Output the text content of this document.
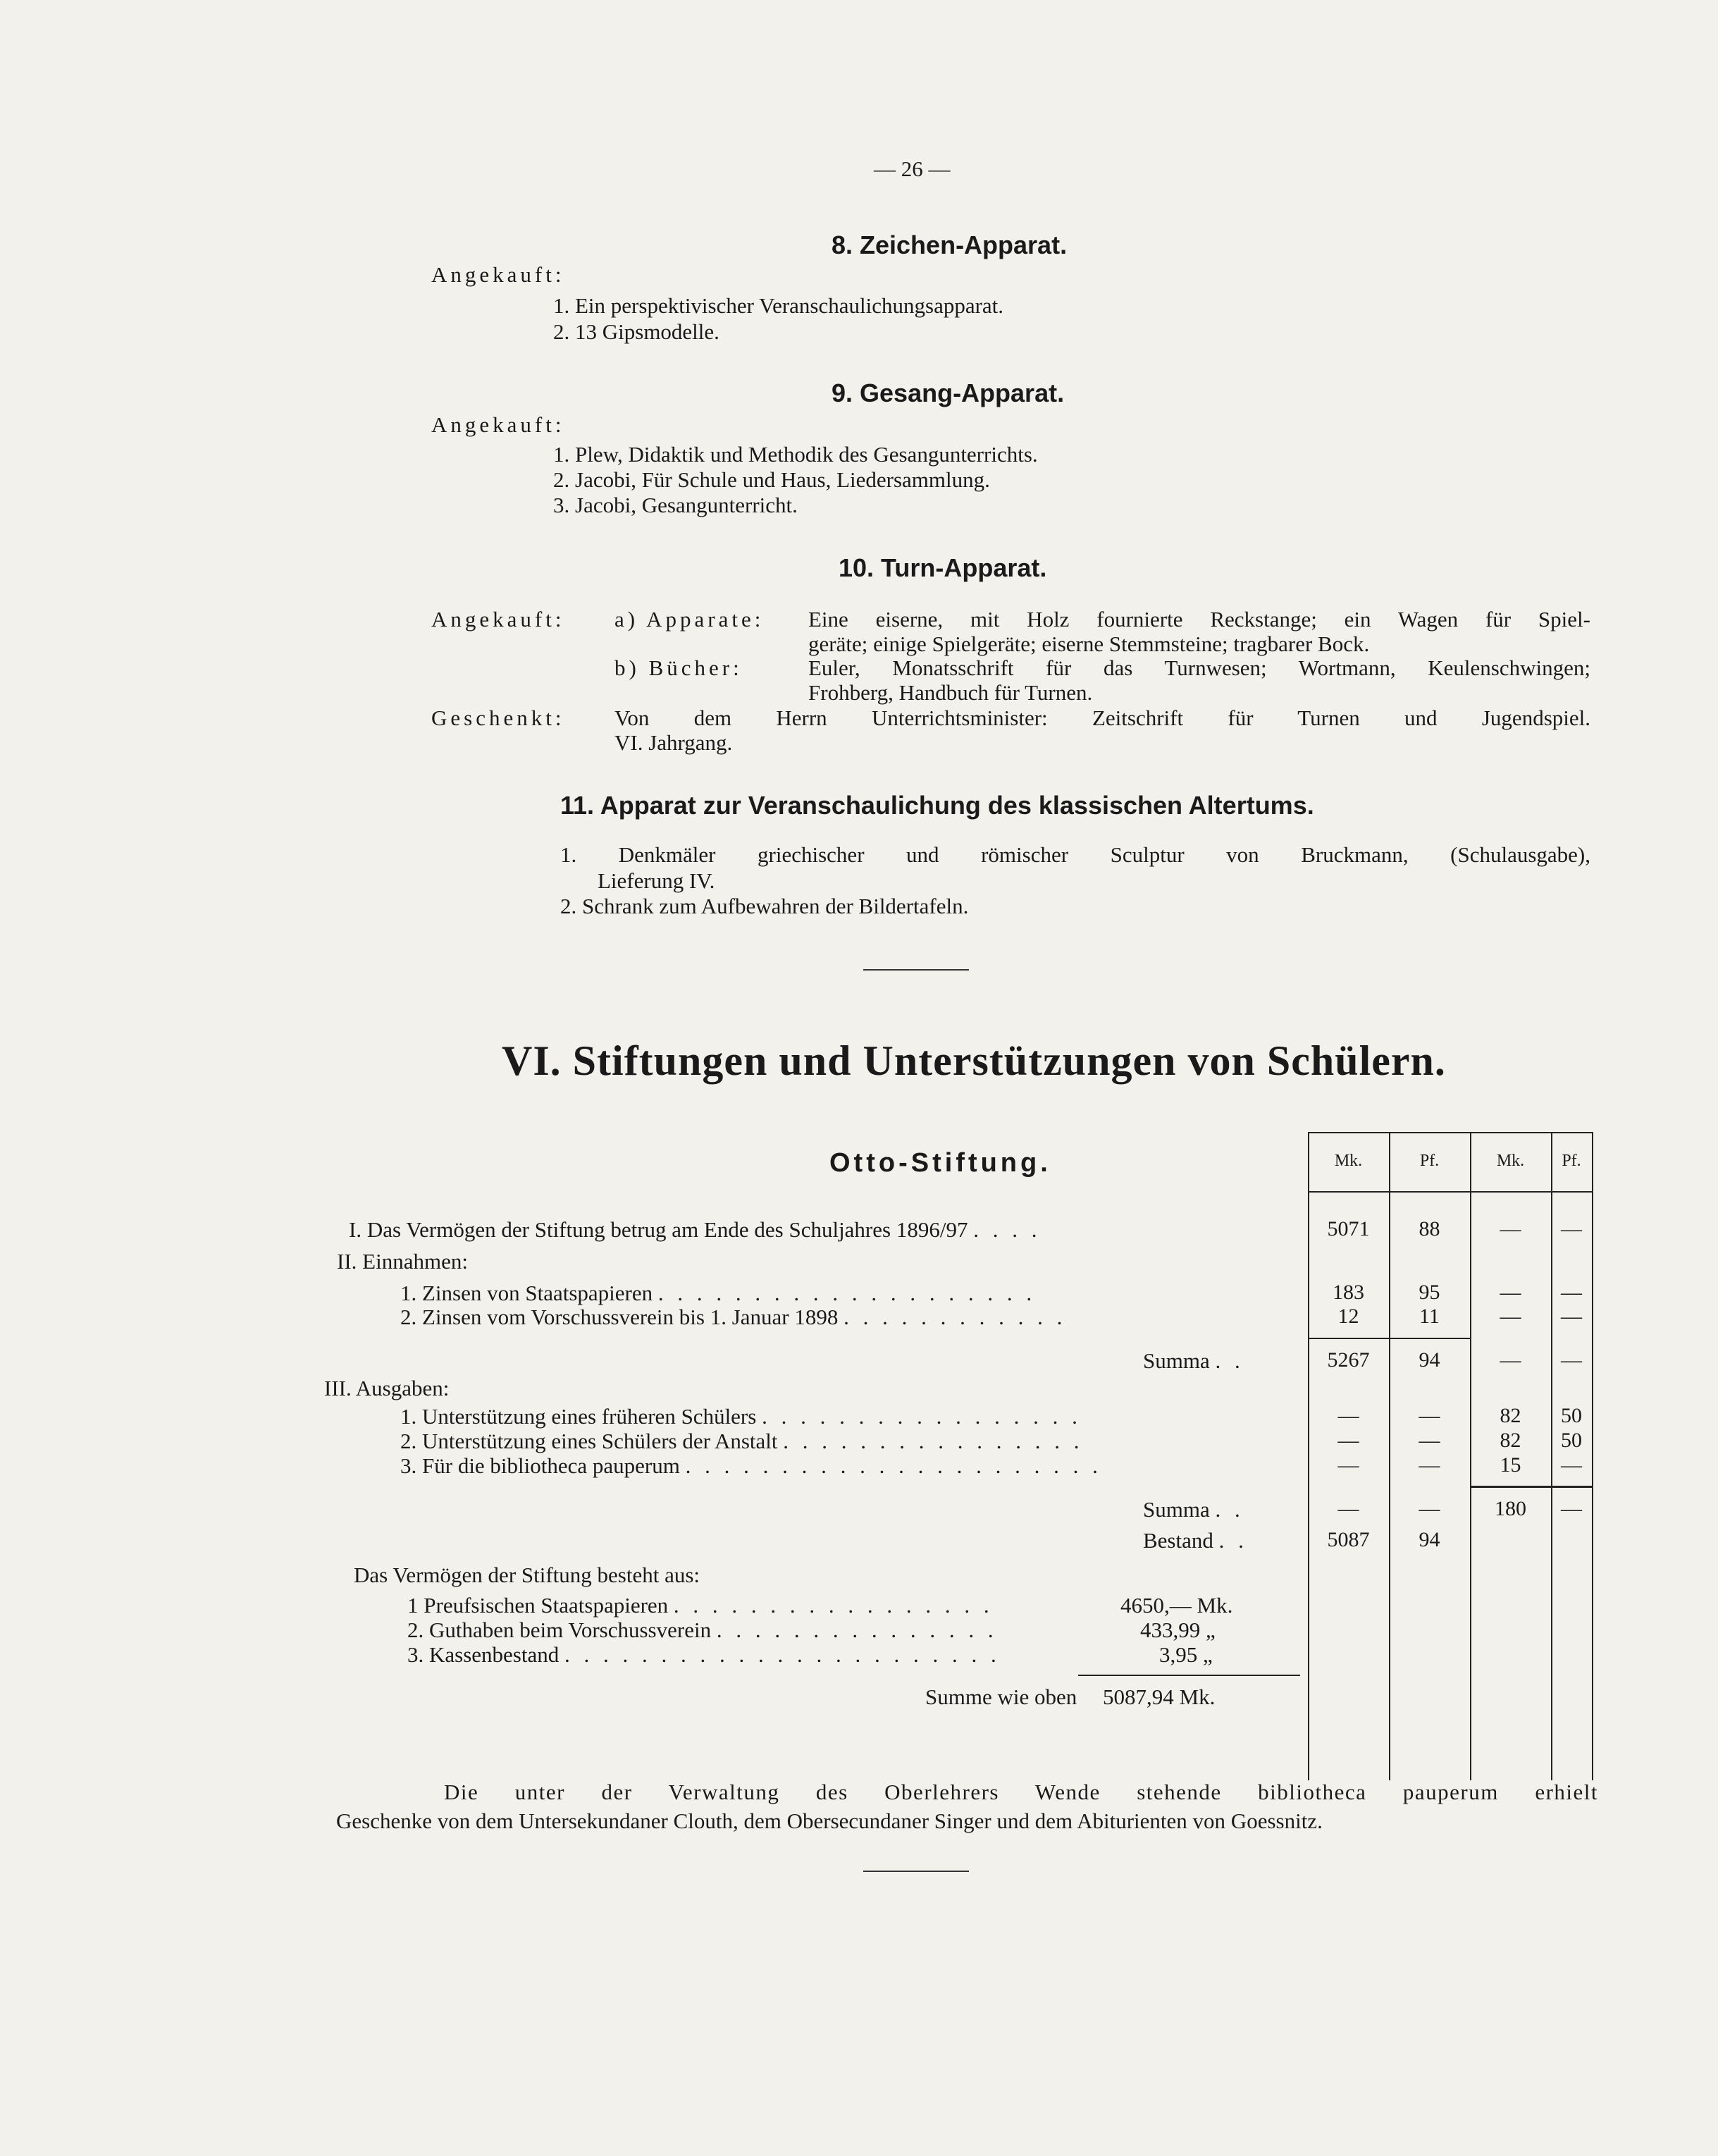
— 26 —
8. Zeichen-Apparat.
Angekauft:
1. Ein perspektivischer Veranschaulichungsapparat.
2. 13 Gipsmodelle.
9. Gesang-Apparat.
Angekauft:
1. Plew, Didaktik und Methodik des Gesangunterrichts.
2. Jacobi, Für Schule und Haus, Liedersammlung.
3. Jacobi, Gesangunterricht.
10. Turn-Apparat.
Angekauft: a) Apparate: Eine eiserne, mit Holz fournierte Reckstange; ein Wagen für Spiel-
geräte; einige Spielgeräte; eiserne Stemmsteine; tragbarer Bock.
b) Bücher:	Euler, Monatsschrift für das Turnwesen; Wortmann, Keulenschwingen;
Frohberg, Handbuch für Turnen.
Geschenkt: Von dem Herrn Unterrichtsminister: Zeitschrift für Turnen und Jugendspiel.
VI. Jahrgang.
11. Apparat zur Veranschaulichung des klassischen Altertums.
1. Denkmäler griechischer und römischer Sculptur von Bruckmann, (Schulausgabe),
Lieferung IV.
2. Schrank zum Aufbewahren der Bildertafeln.
VI. Stiftungen und Unterstützungen von Schülern.
Otto-Stiftung.	Mk.	Pf.	Mk.	Pf.
I. Das Vermögen der Stiftung betrug am Ende des Schuljahres 1896/97 . . . .	5071	88	—	—
II. Einnahmen:
1. Zinsen von Staatspapieren . . . . . . . . . . . . . . . . . . . .	183	95	—	—
2. Zinsen vom Vorschussverein bis 1. Januar 1898 . . . . . . . . . . . .	12	11	—	—
Summa . .	5267	94	—	—
III. Ausgaben:
1. Unterstützung eines früheren Schülers . . . . . . . . . . . . . . . . .	—	—	82	50
2. Unterstützung eines Schülers der Anstalt . . . . . . . . . . . . . . . .	—	—	82	50
3. Für die bibliotheca pauperum . . . . . . . . . . . . . . . . . . . . . .	—	—	15	—
Summa . .	—	—	180	—
Bestand . .	5087	94
Das Vermögen der Stiftung besteht aus:
1 Preufsischen Staatspapieren . . . . . . . . . . . . . . . . .	4650,— Mk.
2. Guthaben beim Vorschussverein . . . . . . . . . . . . . . .	433,99 „
3. Kassenbestand . . . . . . . . . . . . . . . . . . . . . . .	3,95 „
Summe wie oben 5087,94 Mk.
Die unter der Verwaltung des Oberlehrers Wende stehende bibliotheca pauperum erhielt
Geschenke von dem Untersekundaner Clouth, dem Obersecundaner Singer und dem Abiturienten von Goessnitz.
